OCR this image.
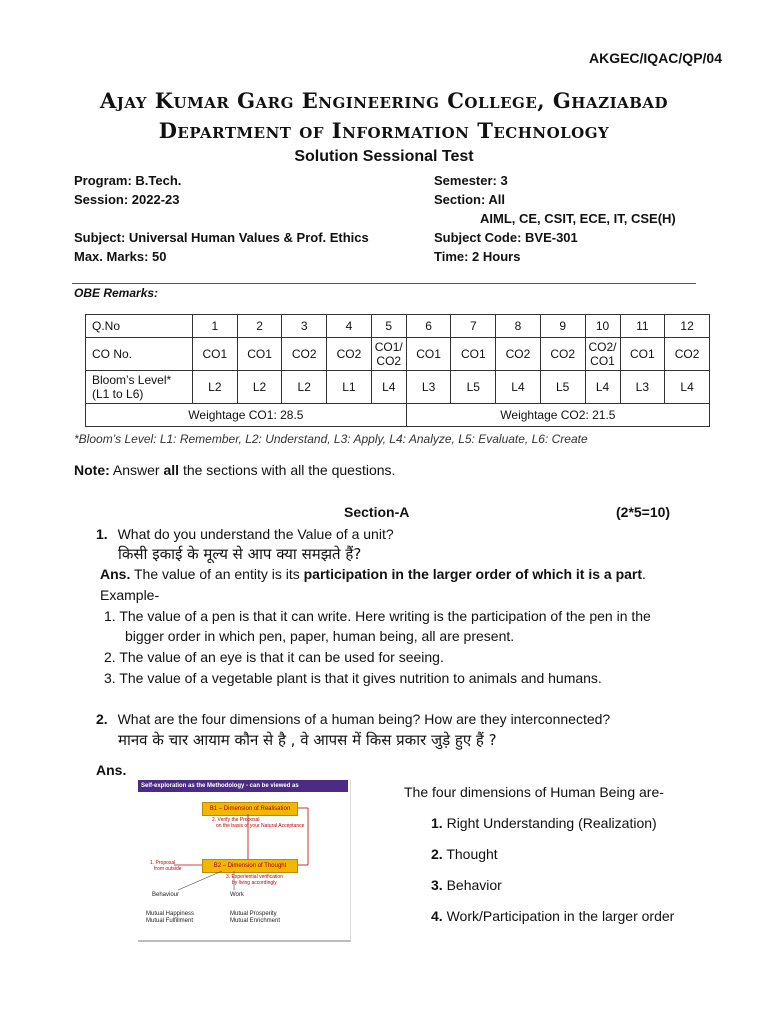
AKGEC/IQAC/QP/04
Ajay Kumar Garg Engineering College, Ghaziabad
Department of Information Technology
Solution Sessional Test
Program: B.Tech.
Session: 2022-23
Subject: Universal Human Values & Prof. Ethics
Max. Marks: 50
Semester: 3
Section: All
AIML, CE, CSIT, ECE, IT, CSE(H)
Subject Code: BVE-301
Time: 2 Hours
OBE Remarks:
Q.No	1	2	3	4	5	6	7	8	9	10	11	12
CO No.	CO1	CO1	CO2	CO2	CO1/ CO2	CO1	CO1	CO2	CO2	CO2/ CO1	CO1	CO2
Bloom’s Level* (L1 to L6)	L2	L2	L2	L1	L4	L3	L5	L4	L5	L4	L3	L4
Weightage CO1: 28.5						Weightage CO2: 21.5						
*Bloom’s Level: L1: Remember, L2: Understand, L3: Apply, L4: Analyze, L5: Evaluate, L6: Create
Note: Answer all the sections with all the questions.
Section-A	(2*5=10)
1. What do you understand the Value of a unit?
किसी इकाई के मूल्य से आप क्या समझते हैं?
Ans. The value of an entity is its participation in the larger order of which it is a part.
Example-
1. The value of a pen is that it can write. Here writing is the participation of the pen in the
bigger order in which pen, paper, human being, all are present.
2. The value of an eye is that it can be used for seeing.
3. The value of a vegetable plant is that it gives nutrition to animals and humans.
2. What are the four dimensions of a human being? How are they interconnected?
मानव के चार आयाम कौन से है , वे आपस में किस प्रकार जुड़े हुए हैं ?
Ans.
Self-exploration as the Methodology - can be viewed as
B1 – Dimension of Realisation
2. Verify the Proposal
on the basis of your Natural Acceptance
B2 – Dimension of Thought
1. Proposal
from outside
3. Experiential verification
by living accordingly
Behaviour	Work
Mutual Happiness
Mutual Fulfillment
Mutual Prosperity
Mutual Enrichment
The four dimensions of Human Being are-
1. Right Understanding (Realization)
2. Thought
3. Behavior
4. Work/Participation in the larger order
